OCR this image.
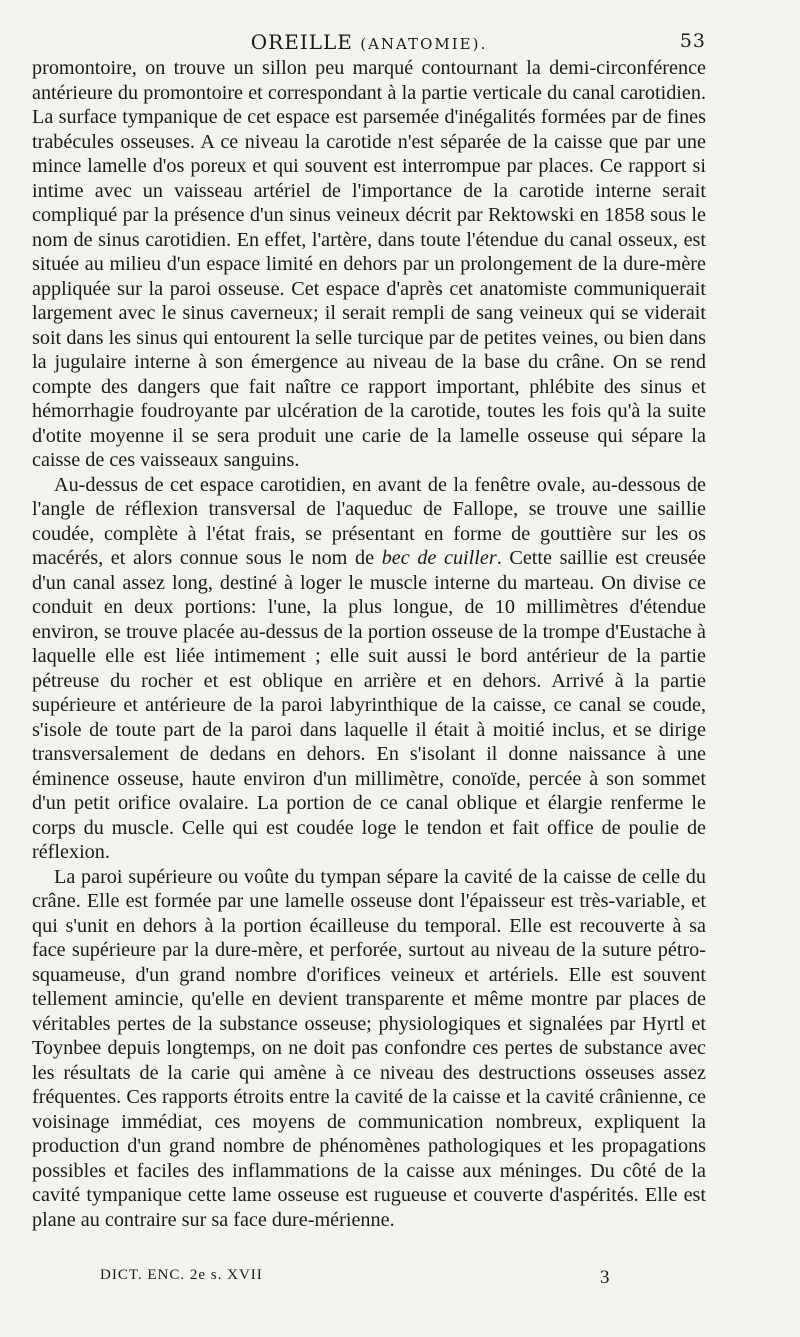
OREILLE (ANATOMIE).	53

promontoire, on trouve un sillon peu marqué contournant la demi-circonférence antérieure du promontoire et correspondant à la partie verticale du canal carotidien. La surface tympanique de cet espace est parsemée d'inégalités formées par de fines trabécules osseuses. A ce niveau la carotide n'est séparée de la caisse que par une mince lamelle d'os poreux et qui souvent est interrompue par places. Ce rapport si intime avec un vaisseau artériel de l'importance de la carotide interne serait compliqué par la présence d'un sinus veineux décrit par Rektowski en 1858 sous le nom de sinus carotidien. En effet, l'artère, dans toute l'étendue du canal osseux, est située au milieu d'un espace limité en dehors par un prolongement de la dure-mère appliquée sur la paroi osseuse. Cet espace d'après cet anatomiste communiquerait largement avec le sinus caverneux; il serait rempli de sang veineux qui se viderait soit dans les sinus qui entourent la selle turcique par de petites veines, ou bien dans la jugulaire interne à son émergence au niveau de la base du crâne. On se rend compte des dangers que fait naître ce rapport important, phlébite des sinus et hémorrhagie foudroyante par ulcération de la carotide, toutes les fois qu'à la suite d'otite moyenne il se sera produit une carie de la lamelle osseuse qui sépare la caisse de ces vaisseaux sanguins.

Au-dessus de cet espace carotidien, en avant de la fenêtre ovale, au-dessous de l'angle de réflexion transversal de l'aqueduc de Fallope, se trouve une saillie coudée, complète à l'état frais, se présentant en forme de gouttière sur les os macérés, et alors connue sous le nom de bec de cuiller. Cette saillie est creusée d'un canal assez long, destiné à loger le muscle interne du marteau. On divise ce conduit en deux portions: l'une, la plus longue, de 10 millimètres d'étendue environ, se trouve placée au-dessus de la portion osseuse de la trompe d'Eustache à laquelle elle est liée intimement ; elle suit aussi le bord antérieur de la partie pétreuse du rocher et est oblique en arrière et en dehors. Arrivé à la partie supérieure et antérieure de la paroi labyrinthique de la caisse, ce canal se coude, s'isole de toute part de la paroi dans laquelle il était à moitié inclus, et se dirige transversalement de dedans en dehors. En s'isolant il donne naissance à une éminence osseuse, haute environ d'un millimètre, conoïde, percée à son sommet d'un petit orifice ovalaire. La portion de ce canal oblique et élargie renferme le corps du muscle. Celle qui est coudée loge le tendon et fait office de poulie de réflexion.

La paroi supérieure ou voûte du tympan sépare la cavité de la caisse de celle du crâne. Elle est formée par une lamelle osseuse dont l'épaisseur est très-variable, et qui s'unit en dehors à la portion écailleuse du temporal. Elle est recouverte à sa face supérieure par la dure-mère, et perforée, surtout au niveau de la suture pétro-squameuse, d'un grand nombre d'orifices veineux et artériels. Elle est souvent tellement amincie, qu'elle en devient transparente et même montre par places de véritables pertes de la substance osseuse; physiologiques et signalées par Hyrtl et Toynbee depuis longtemps, on ne doit pas confondre ces pertes de substance avec les résultats de la carie qui amène à ce niveau des destructions osseuses assez fréquentes. Ces rapports étroits entre la cavité de la caisse et la cavité crânienne, ce voisinage immédiat, ces moyens de communication nombreux, expliquent la production d'un grand nombre de phénomènes pathologiques et les propagations possibles et faciles des inflammations de la caisse aux méninges. Du côté de la cavité tympanique cette lame osseuse est rugueuse et couverte d'aspérités. Elle est plane au contraire sur sa face dure-mérienne.

DICT. ENC. 2e s. XVII	3
